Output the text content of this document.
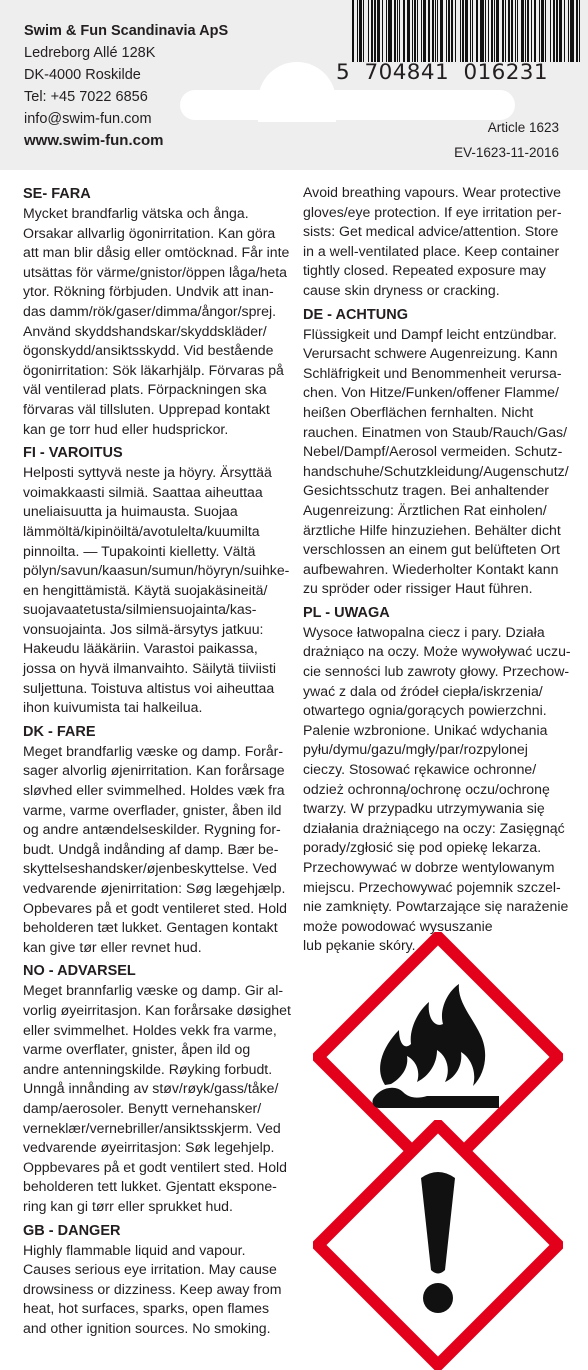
Swim & Fun Scandinavia ApS
Ledreborg Allé 128K
DK-4000 Roskilde
Tel: +45 7022 6856
info@swim-fun.com
www.swim-fun.com
5  704841  016231
Article 1623
EV-1623-11-2016
SE- FARA

Mycket brandfarlig vätska och ånga.
Orsakar allvarlig ögonirritation. Kan göra
att man blir dåsig eller omtöcknad. Får inte
utsättas för värme/gnistor/öppen låga/heta
ytor. Rökning förbjuden. Undvik att inan-
das damm/rök/gaser/dimma/ångor/sprej.
Använd skyddshandskar/skyddskläder/
ögonskydd/ansiktsskydd. Vid bestående
ögonirritation: Sök läkarhjälp. Förvaras på
väl ventilerad plats. Förpackningen ska
förvaras väl tillsluten. Upprepad kontakt
kan ge torr hud eller hudsprickor.

FI - VAROITUS

Helposti syttyvä neste ja höyry. Ärsyttää
voimakkaasti silmiä. Saattaa aiheuttaa
uneliaisuutta ja huimausta. Suojaa
lämmöltä/kipinöiltä/avotulelta/kuumilta
pinnoilta. — Tupakointi kielletty. Vältä
pölyn/savun/kaasun/sumun/höyryn/suihke-
en hengittämistä. Käytä suojakäsineitä/
suojavaatetusta/silmiensuojainta/kas-
vonsuojainta. Jos silmä-ärsytys jatkuu:
Hakeudu lääkäriin. Varastoi paikassa,
jossa on hyvä ilmanvaihto. Säilytä tiiviisti
suljettuna. Toistuva altistus voi aiheuttaa
ihon kuivumista tai halkeilua.

DK - FARE

Meget brandfarlig væske og damp. Forår-
sager alvorlig øjenirritation. Kan forårsage
sløvhed eller svimmelhed. Holdes væk fra
varme, varme overflader, gnister, åben ild
og andre antændelseskilder. Rygning for-
budt. Undgå indånding af damp. Bær be-
skyttelseshandsker/øjenbeskyttelse. Ved
vedvarende øjenirritation: Søg lægehjælp.
Opbevares på et godt ventileret sted. Hold
beholderen tæt lukket. Gentagen kontakt
kan give tør eller revnet hud.

NO - ADVARSEL

Meget brannfarlig væske og damp. Gir al-
vorlig øyeirritasjon. Kan forårsake døsighet
eller svimmelhet. Holdes vekk fra varme,
varme overflater, gnister, åpen ild og
andre antenningskilde. Røyking forbudt.
Unngå innånding av støv/røyk/gass/tåke/
damp/aerosoler. Benytt vernehansker/
verneklær/vernebriller/ansiktsskjerm. Ved
vedvarende øyeirritasjon: Søk legehjelp.
Oppbevares på et godt ventilert sted. Hold
beholderen tett lukket. Gjentatt ekspone-
ring kan gi tørr eller sprukket hud.

GB - DANGER

Highly flammable liquid and vapour.
Causes serious eye irritation. May cause
drowsiness or dizziness. Keep away from
heat, hot surfaces, sparks, open flames
and other ignition sources. No smoking.

Avoid breathing vapours. Wear protective
gloves/eye protection. If eye irritation per-
sists: Get medical advice/attention. Store
in a well-ventilated place. Keep container
tightly closed. Repeated exposure may
cause skin dryness or cracking.

DE - ACHTUNG

Flüssigkeit und Dampf leicht entzündbar.
Verursacht schwere Augenreizung. Kann
Schläfrigkeit und Benommenheit verursa-
chen. Von Hitze/Funken/offener Flamme/
heißen Oberflächen fernhalten. Nicht
rauchen. Einatmen von Staub/Rauch/Gas/
Nebel/Dampf/Aerosol vermeiden. Schutz-
handschuhe/Schutzkleidung/Augenschutz/
Gesichtsschutz tragen. Bei anhaltender
Augenreizung: Ärztlichen Rat einholen/
ärztliche Hilfe hinzuziehen. Behälter dicht
verschlossen an einem gut belüfteten Ort
aufbewahren. Wiederholter Kontakt kann
zu spröder oder rissiger Haut führen.

PL - UWAGA

Wysoce łatwopalna ciecz i pary. Działa
drażniąco na oczy. Może wywoływać uczu-
cie senności lub zawroty głowy. Przechow-
ywać z dala od źródeł ciepła/iskrzenia/
otwartego ognia/gorących powierzchni.
Palenie wzbronione. Unikać wdychania
pyłu/dymu/gazu/mgły/par/rozpylonej
cieczy. Stosować rękawice ochronne/
odzież ochronną/ochronę oczu/ochronę
twarzy. W przypadku utrzymywania się
działania drażniącego na oczy: Zasięgnąć
porady/zgłosić się pod opiekę lekarza.
Przechowywać w dobrze wentylowanym
miejscu. Przechowywać pojemnik szczel-
nie zamknięty. Powtarzające się narażenie
może powodować wysuszanie
lub pękanie skóry.
